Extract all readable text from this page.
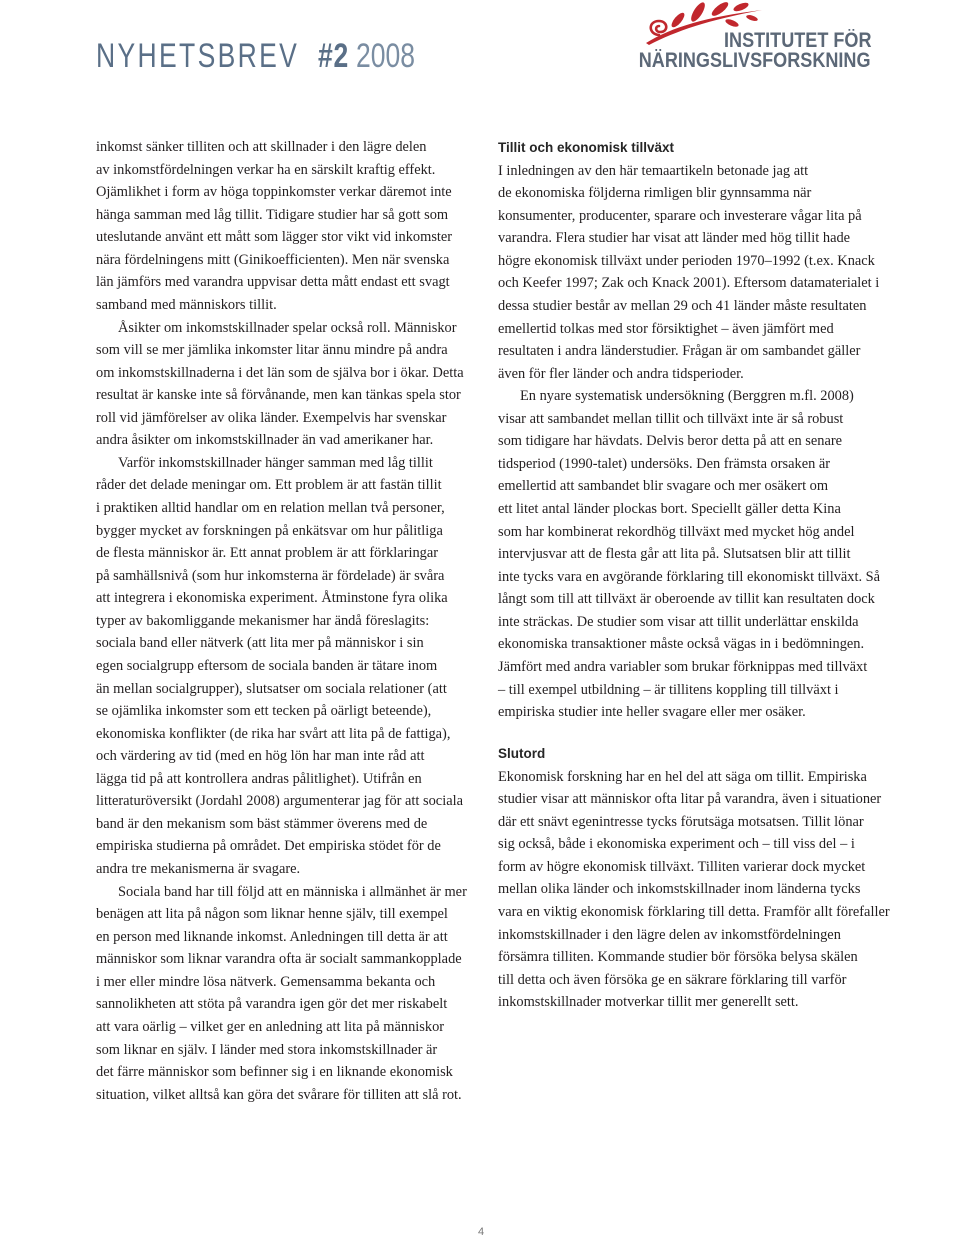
NYHETSBREV #2 2008	INSTITUTET FÖR
NÄRINGSLIVSFORSKNING
inkomst sänker tilliten och att skillnader i den lägre delen
av inkomstfördelningen verkar ha en särskilt kraftig effekt.
Ojämlikhet i form av höga toppinkomster verkar däremot inte
hänga samman med låg tillit. Tidigare studier har så gott som
uteslutande använt ett mått som lägger stor vikt vid inkomster
nära fördelningens mitt (Ginikoefficienten). Men när svenska
län jämförs med varandra uppvisar detta mått endast ett svagt
samband med människors tillit.
Åsikter om inkomstskillnader spelar också roll. Människor
som vill se mer jämlika inkomster litar ännu mindre på andra
om inkomstskillnaderna i det län som de själva bor i ökar. Detta
resultat är kanske inte så förvånande, men kan tänkas spela stor
roll vid jämförelser av olika länder. Exempelvis har svenskar
andra åsikter om inkomstskillnader än vad amerikaner har.
Varför inkomstskillnader hänger samman med låg tillit
råder det delade meningar om. Ett problem är att fastän tillit
i praktiken alltid handlar om en relation mellan två personer,
bygger mycket av forskningen på enkätsvar om hur pålitliga
de flesta människor är. Ett annat problem är att förklaringar
på samhällsnivå (som hur inkomsterna är fördelade) är svåra
att integrera i ekonomiska experiment. Åtminstone fyra olika
typer av bakomliggande mekanismer har ändå föreslagits:
sociala band eller nätverk (att lita mer på människor i sin
egen socialgrupp eftersom de sociala banden är tätare inom
än mellan socialgrupper), slutsatser om sociala relationer (att
se ojämlika inkomster som ett tecken på oärligt beteende),
ekonomiska konflikter (de rika har svårt att lita på de fattiga),
och värdering av tid (med en hög lön har man inte råd att
lägga tid på att kontrollera andras pålitlighet). Utifrån en
litteraturöversikt (Jordahl 2008) argumenterar jag för att sociala
band är den mekanism som bäst stämmer överens med de
empiriska studierna på området. Det empiriska stödet för de
andra tre mekanismerna är svagare.
Sociala band har till följd att en människa i allmänhet är mer
benägen att lita på någon som liknar henne själv, till exempel
en person med liknande inkomst. Anledningen till detta är att
människor som liknar varandra ofta är socialt sammankopplade
i mer eller mindre lösa nätverk. Gemensamma bekanta och
sannolikheten att stöta på varandra igen gör det mer riskabelt
att vara oärlig – vilket ger en anledning att lita på människor
som liknar en själv. I länder med stora inkomstskillnader är
det färre människor som befinner sig i en liknande ekonomisk
situation, vilket alltså kan göra det svårare för tilliten att slå rot.
Tillit och ekonomisk tillväxt
I inledningen av den här temaartikeln betonade jag att
de ekonomiska följderna rimligen blir gynnsamma när
konsumenter, producenter, sparare och investerare vågar lita på
varandra. Flera studier har visat att länder med hög tillit hade
högre ekonomisk tillväxt under perioden 1970–1992 (t.ex. Knack
och Keefer 1997; Zak och Knack 2001). Eftersom datamaterialet i
dessa studier består av mellan 29 och 41 länder måste resultaten
emellertid tolkas med stor försiktighet – även jämfört med
resultaten i andra länderstudier. Frågan är om sambandet gäller
även för fler länder och andra tidsperioder.
En nyare systematisk undersökning (Berggren m.fl. 2008)
visar att sambandet mellan tillit och tillväxt inte är så robust
som tidigare har hävdats. Delvis beror detta på att en senare
tidsperiod (1990-talet) undersöks. Den främsta orsaken är
emellertid att sambandet blir svagare och mer osäkert om
ett litet antal länder plockas bort. Speciellt gäller detta Kina
som har kombinerat rekordhög tillväxt med mycket hög andel
intervjusvar att de flesta går att lita på. Slutsatsen blir att tillit
inte tycks vara en avgörande förklaring till ekonomiskt tillväxt. Så
långt som till att tillväxt är oberoende av tillit kan resultaten dock
inte sträckas. De studier som visar att tillit underlättar enskilda
ekonomiska transaktioner måste också vägas in i bedömningen.
Jämfört med andra variabler som brukar förknippas med tillväxt
– till exempel utbildning – är tillitens koppling till tillväxt i
empiriska studier inte heller svagare eller mer osäker.
Slutord
Ekonomisk forskning har en hel del att säga om tillit. Empiriska
studier visar att människor ofta litar på varandra, även i situationer
där ett snävt egenintresse tycks förutsäga motsatsen. Tillit lönar
sig också, både i ekonomiska experiment och – till viss del – i
form av högre ekonomisk tillväxt. Tilliten varierar dock mycket
mellan olika länder och inkomstskillnader inom länderna tycks
vara en viktig ekonomisk förklaring till detta. Framför allt förefaller
inkomstskillnader i den lägre delen av inkomstfördelningen
försämra tilliten. Kommande studier bör försöka belysa skälen
till detta och även försöka ge en säkrare förklaring till varför
inkomstskillnader motverkar tillit mer generellt sett.
4
